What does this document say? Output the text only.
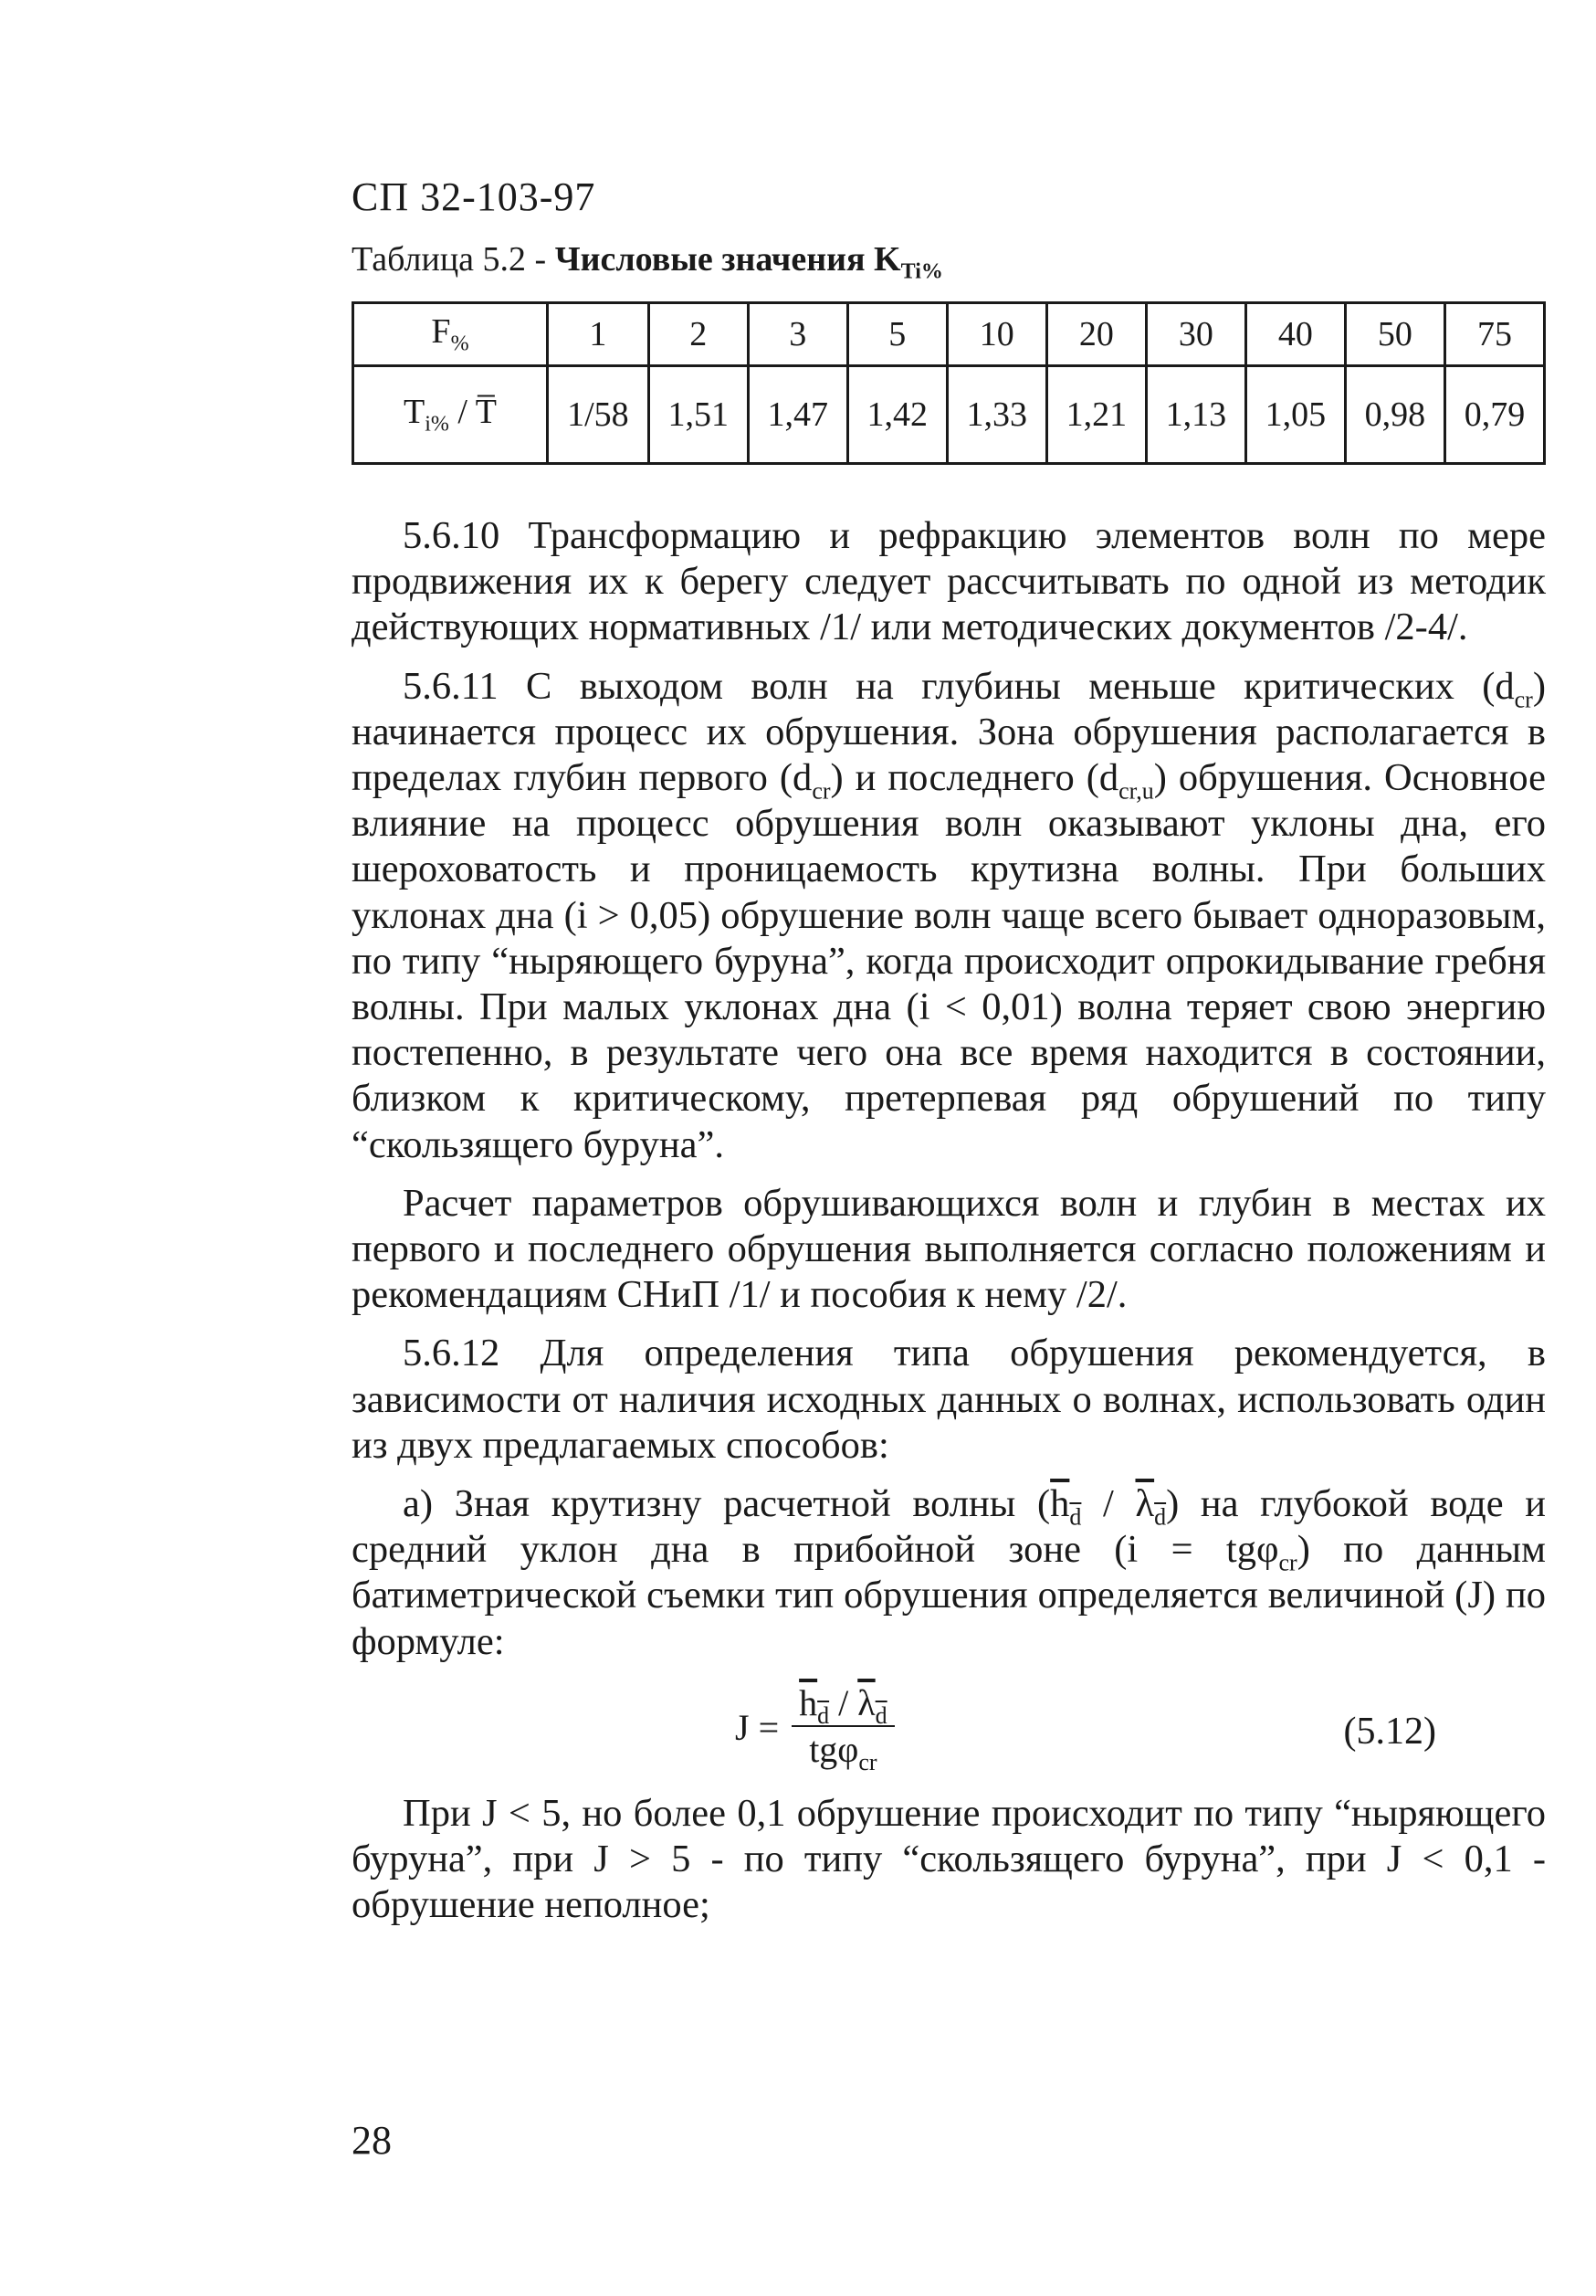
СП 32-103-97
Таблица 5.2 - Числовые значения $K_{Ti\%}$
$F_{\%}$	1	2	3	5	10	20	30	40	50	75
$T_{i\%}$ / T̅	1/58	1,51	1,47	1,42	1,33	1,21	1,13	1,05	0,98	0,79

5.6.10 Трансформацию и рефракцию элементов волн по мере продвижения их к берегу следует рассчитывать по одной из методик действующих нормативных /1/ или методических документов /2-4/.

5.6.11 С выходом волн на глубины меньше критических $(d_{cr})$ начинается процесс их обрушения. Зона обрушения располагается в пределах глубин первого $(d_{cr})$ и последнего $(d_{cr,u})$ обрушения. Основное влияние на процесс обрушения волн оказывают уклоны дна, его шероховатость и проницаемость крутизна волны. При больших уклонах дна (i > 0,05) обрушение волн чаще всего бывает одноразовым, по типу “ныряющего буруна”, когда происходит опрокидывание гребня волны. При малых уклонах дна (i < 0,01) волна теряет свою энергию постепенно, в результате чего она все время находится в состоянии, близком к критическому, претерпевая ряд обрушений по типу “скользящего буруна”.

Расчет параметров обрушивающихся волн и глубин в местах их первого и последнего обрушения выполняется согласно положениям и рекомендациям СНиП /1/ и пособия к нему /2/.

5.6.12 Для определения типа обрушения рекомендуется, в зависимости от наличия исходных данных о волнах, использовать один из двух предлагаемых способов:

а) Зная крутизну расчетной волны $(\overline{h}_{\overline{d}} / \overline{\lambda}_{\overline{d}})$ на глубокой воде и средний уклон дна в прибойной зоне (i = tgφ$_{cr}$) по данным батиметрической съемки тип обрушения определяется величиной (J) по формуле:

$J = \frac{\overline{h}_{\overline{d}} / \overline{\lambda}_{\overline{d}}}{tg\varphi_{cr}}$	(5.12)

При J < 5, но более 0,1 обрушение происходит по типу “ныряющего буруна”, при J > 5 - по типу “скользящего буруна”, при J < 0,1 - обрушение неполное;

28
